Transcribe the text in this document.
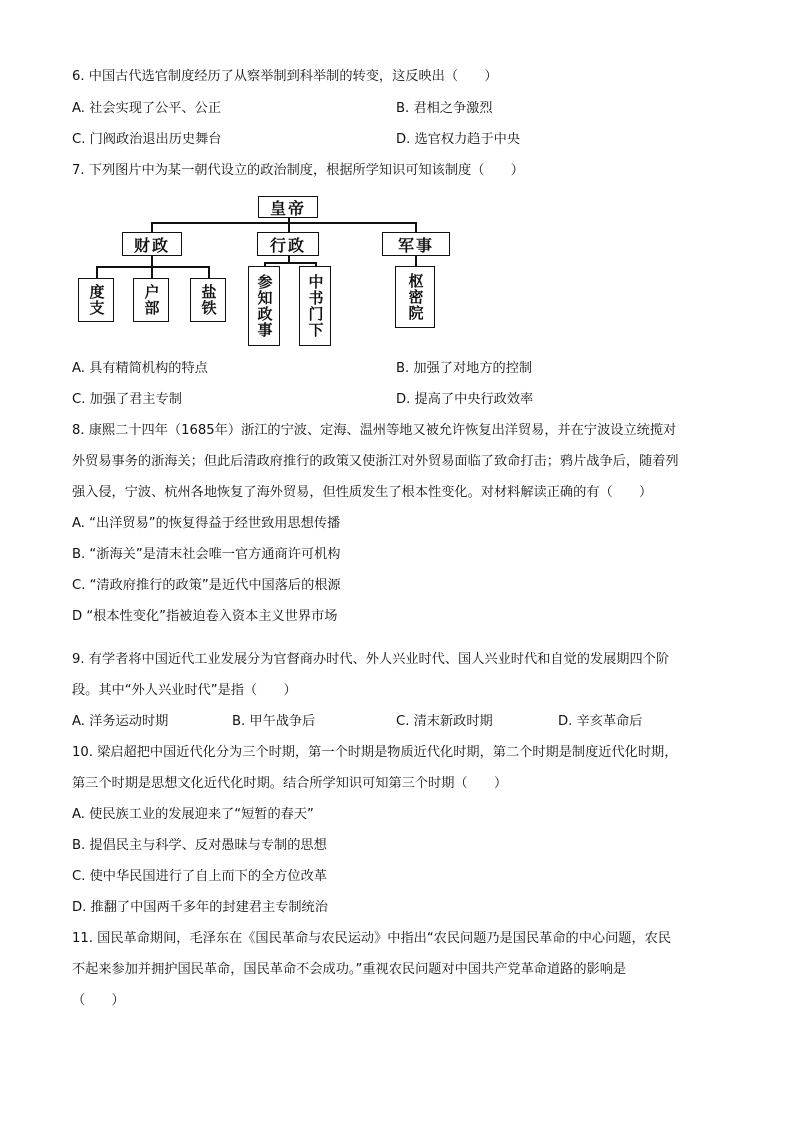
6. 中国古代选官制度经历了从察举制到科举制的转变，这反映出（　　）
A. 社会实现了公平、公正	B. 君相之争激烈
C. 门阀政治退出历史舞台	D. 选官权力趋于中央
7. 下列图片中为某一朝代设立的政治制度，根据所学知识可知该制度（　　）
皇帝
财政	行政	军事
度支	户部	盐铁	参知政事	中书门下	枢密院
A. 具有精简机构的特点	B. 加强了对地方的控制
C. 加强了君主专制	D. 提高了中央行政效率
8. 康熙二十四年（1685年）浙江的宁波、定海、温州等地又被允许恢复出洋贸易，并在宁波设立统揽对
外贸易事务的浙海关；但此后清政府推行的政策又使浙江对外贸易面临了致命打击；鸦片战争后，随着列
强入侵，宁波、杭州各地恢复了海外贸易，但性质发生了根本性变化。对材料解读正确的有（　　）
A. “出洋贸易”的恢复得益于经世致用思想传播
B. “浙海关”是清末社会唯一官方通商许可机构
C. “清政府推行的政策”是近代中国落后的根源
D “根本性变化”指被迫卷入资本主义世界市场
9. 有学者将中国近代工业发展分为官督商办时代、外人兴业时代、国人兴业时代和自觉的发展期四个阶
段。其中“外人兴业时代”是指（　　）
A. 洋务运动时期	B. 甲午战争后	C. 清末新政时期	D. 辛亥革命后
10. 梁启超把中国近代化分为三个时期，第一个时期是物质近代化时期，第二个时期是制度近代化时期，
第三个时期是思想文化近代化时期。结合所学知识可知第三个时期（　　）
A. 使民族工业的发展迎来了“短暂的春天”
B. 提倡民主与科学、反对愚昧与专制的思想
C. 使中华民国进行了自上而下的全方位改革
D. 推翻了中国两千多年的封建君主专制统治
11. 国民革命期间，毛泽东在《国民革命与农民运动》中指出“农民问题乃是国民革命的中心问题，农民
不起来参加并拥护国民革命，国民革命不会成功。”重视农民问题对中国共产党革命道路的影响是
（　　）
